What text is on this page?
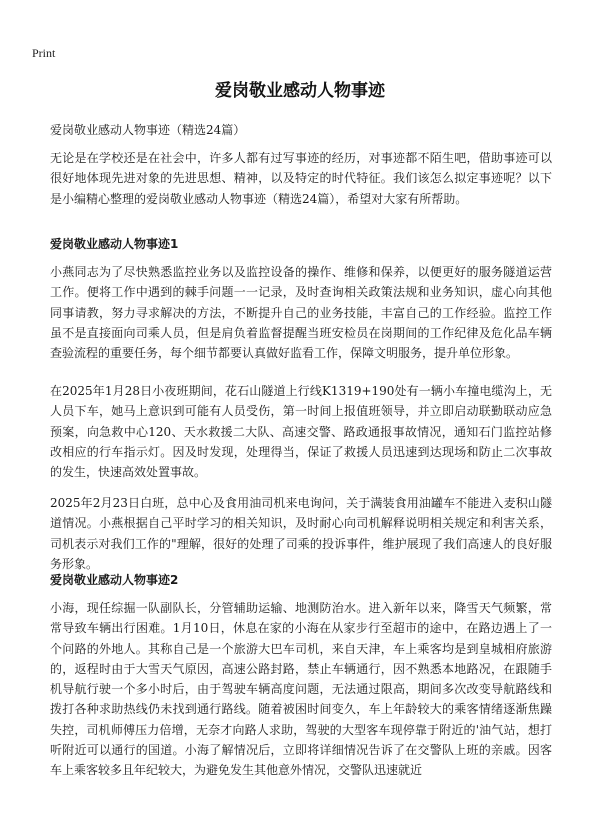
Print
爱岗敬业感动人物事迹
爱岗敬业感动人物事迹（精选24篇）

无论是在学校还是在社会中，许多人都有过写事迹的经历，对事迹都不陌生吧，借助事迹可以很好地体现先进对象的先进思想、精神，以及特定的时代特征。我们该怎么拟定事迹呢？以下是小编精心整理的爱岗敬业感动人物事迹（精选24篇），希望对大家有所帮助。

爱岗敬业感动人物事迹1

小燕同志为了尽快熟悉监控业务以及监控设备的操作、维修和保养，以便更好的服务隧道运营工作。便将工作中遇到的棘手问题一一记录，及时查询相关政策法规和业务知识，虚心向其他同事请教，努力寻求解决的方法，不断提升自己的业务技能，丰富自己的工作经验。监控工作虽不是直接面向司乘人员，但是肩负着监督提醒当班安检员在岗期间的工作纪律及危化品车辆查验流程的重要任务，每个细节都要认真做好监看工作，保障文明服务，提升单位形象。

在2025年1月28日小夜班期间，花石山隧道上行线K1319+190处有一辆小车撞电缆沟上，无人员下车，她马上意识到可能有人员受伤，第一时间上报值班领导，并立即启动联勤联动应急预案，向急救中心120、天水救援二大队、高速交警、路政通报事故情况，通知石门监控站修改相应的行车指示灯。因及时发现，处理得当，保证了救援人员迅速到达现场和防止二次事故的发生，快速高效处置事故。

2025年2月23日白班，总中心及食用油司机来电询问，关于满装食用油罐车不能进入麦积山隧道情况。小燕根据自己平时学习的相关知识，及时耐心向司机解释说明相关规定和利害关系，司机表示对我们工作的"理解，很好的处理了司乘的投诉事件，维护展现了我们高速人的良好服务形象。

爱岗敬业感动人物事迹2

小海，现任综掘一队副队长，分管辅助运输、地测防治水。进入新年以来，降雪天气频繁，常常导致车辆出行困难。1月10日，休息在家的小海在从家步行至超市的途中，在路边遇上了一个问路的外地人。其称自己是一个旅游大巴车司机，来自天津，车上乘客均是到皇城相府旅游的，返程时由于大雪天气原因，高速公路封路，禁止车辆通行，因不熟悉本地路况，在跟随手机导航行驶一个多小时后，由于驾驶车辆高度问题，无法通过限高，期间多次改变导航路线和拨打各种求助热线仍未找到通行路线。随着被困时间变久，车上年龄较大的乘客情绪逐渐焦躁失控，司机师傅压力倍增，无奈才向路人求助，驾驶的大型客车现停靠于附近的'油气站，想打听附近可以通行的国道。小海了解情况后，立即将详细情况告诉了在交警队上班的亲戚。因客车上乘客较多且年纪较大，为避免发生其他意外情况，交警队迅速就近
